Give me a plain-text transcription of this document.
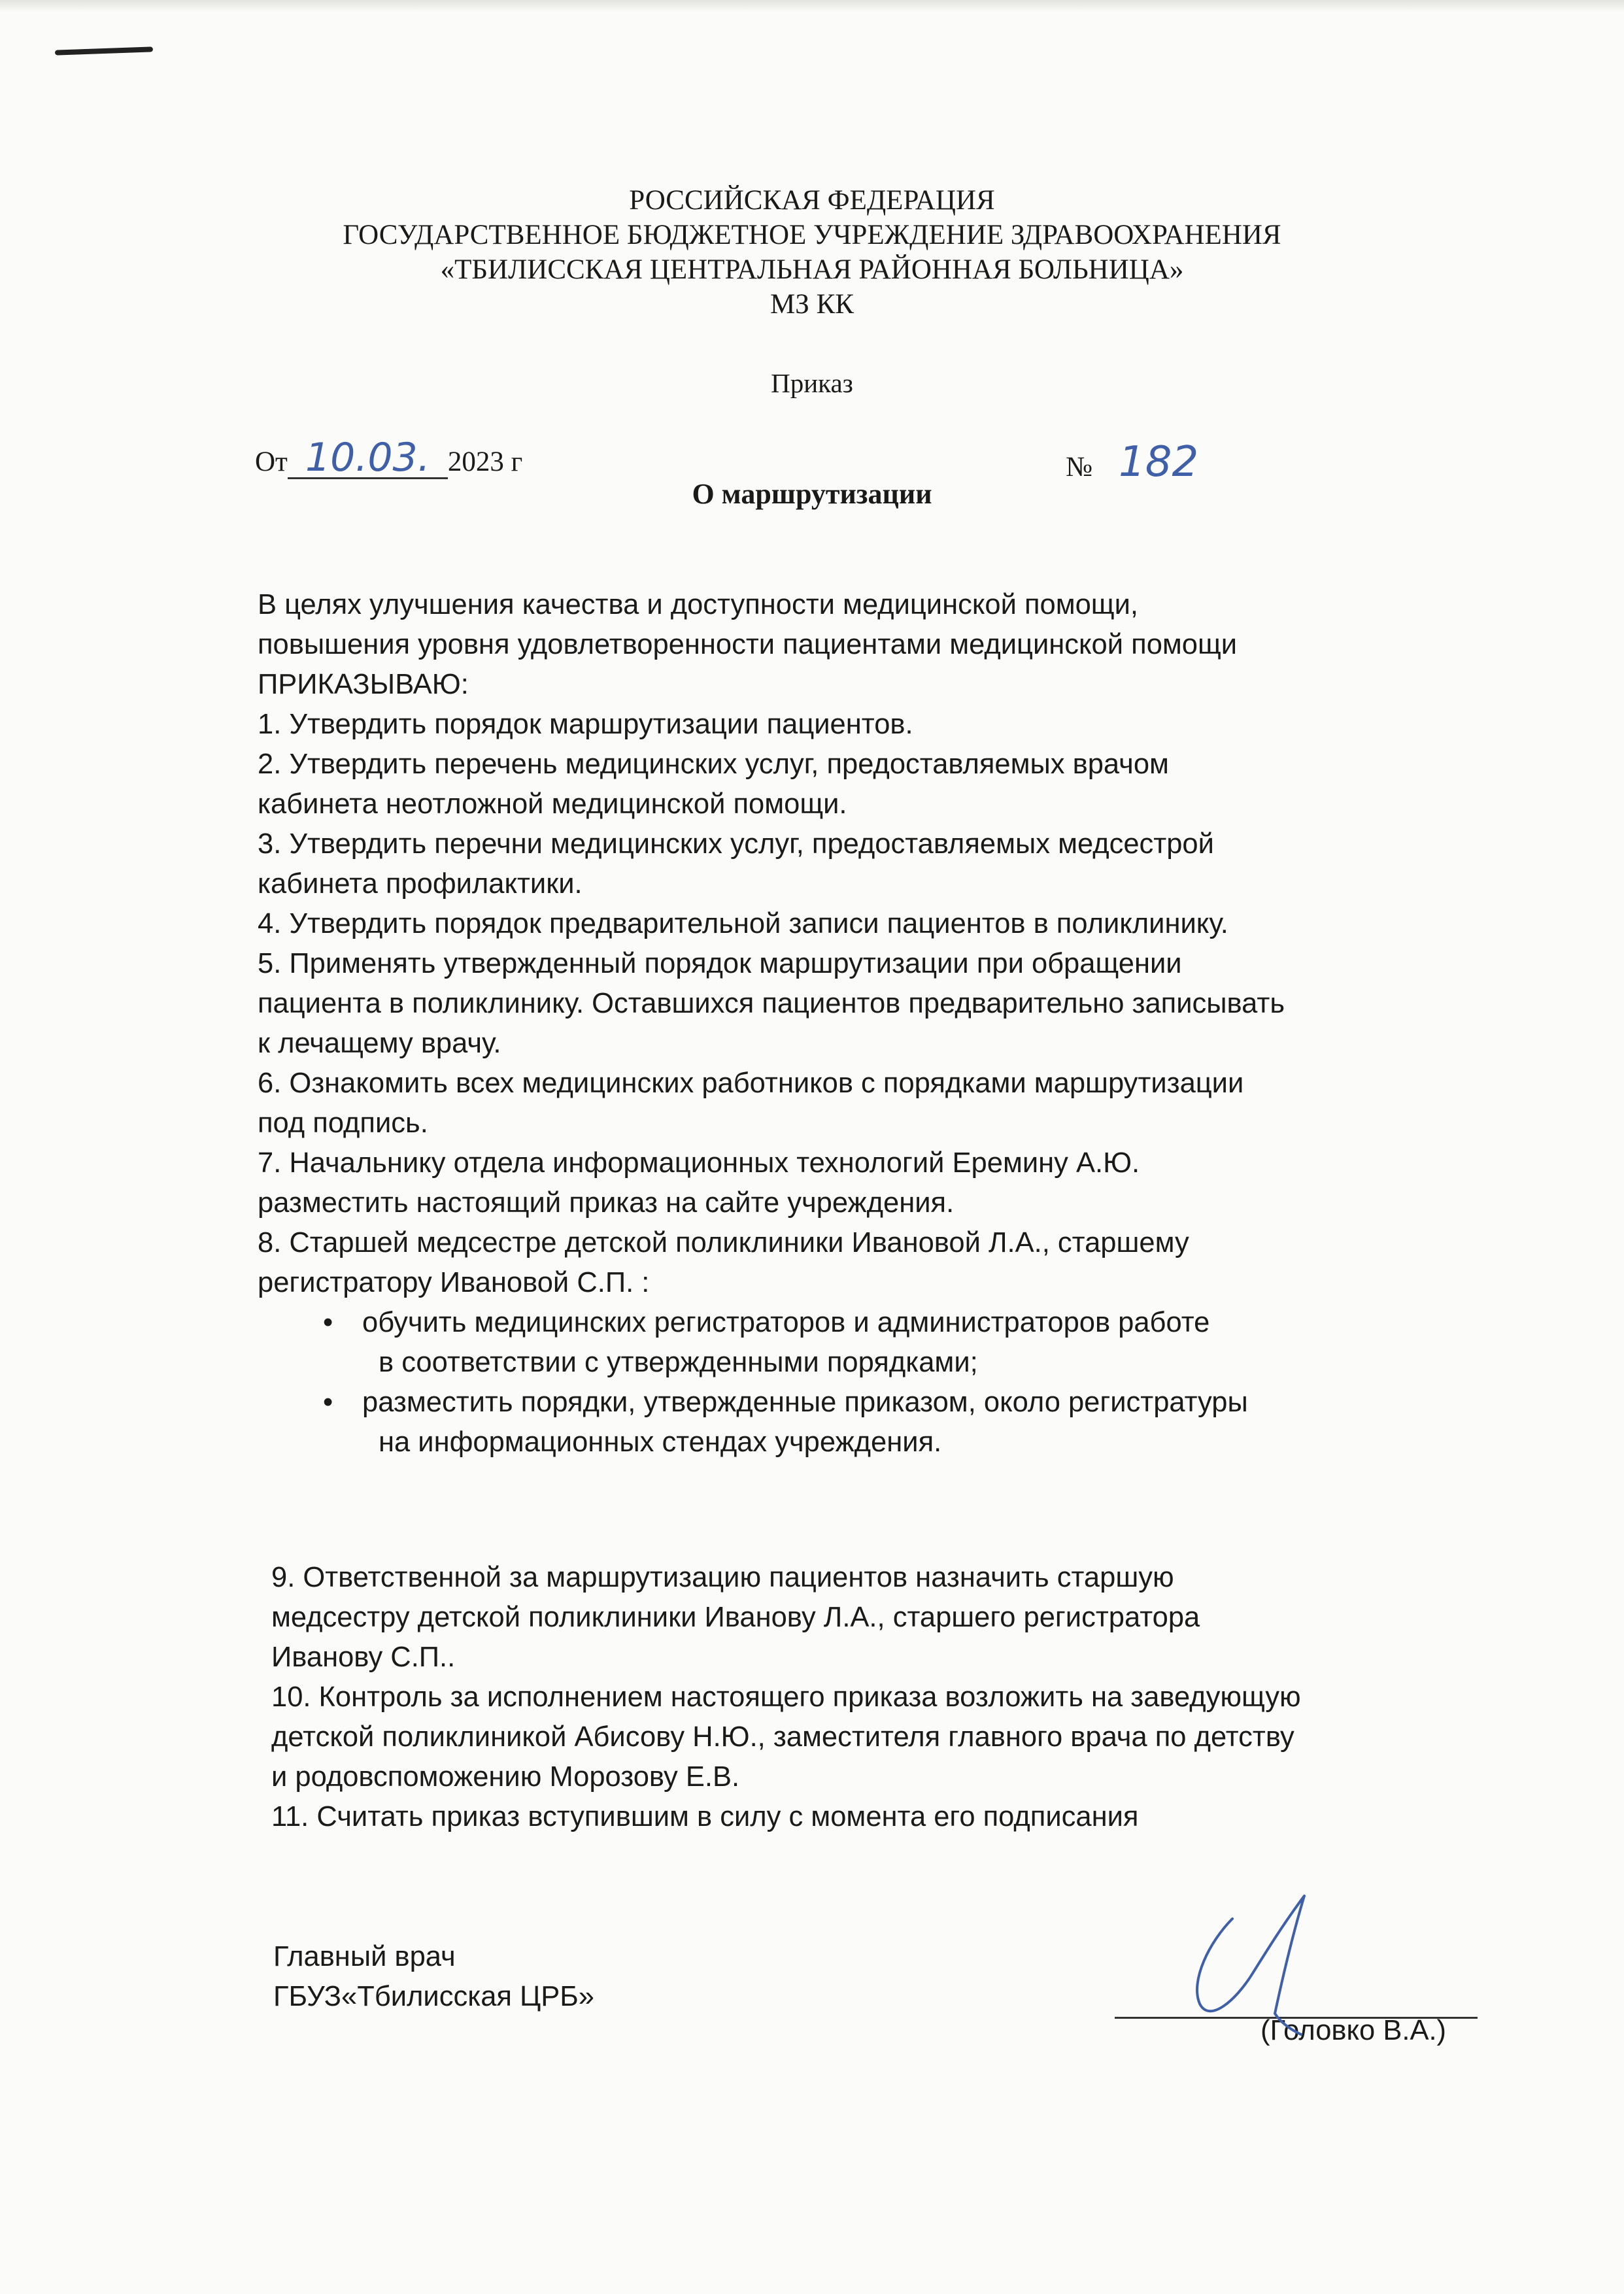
РОССИЙСКАЯ ФЕДЕРАЦИЯ
ГОСУДАРСТВЕННОЕ БЮДЖЕТНОЕ УЧРЕЖДЕНИЕ ЗДРАВООХРАНЕНИЯ
«ТБИЛИССКАЯ ЦЕНТРАЛЬНАЯ РАЙОННАЯ БОЛЬНИЦА»
МЗ КК
Приказ
От 10.03. 2023 г	№ 182
О маршрутизации

В целях улучшения качества и доступности медицинской помощи,

повышения уровня удовлетворенности пациентами медицинской помощи

ПРИКАЗЫВАЮ:

1. Утвердить порядок маршрутизации пациентов.

2. Утвердить перечень медицинских услуг, предоставляемых врачом

кабинета неотложной медицинской помощи.

3. Утвердить перечни медицинских услуг, предоставляемых медсестрой

кабинета профилактики.

4. Утвердить порядок предварительной записи пациентов в поликлинику.

5. Применять утвержденный порядок маршрутизации при обращении

пациента в поликлинику. Оставшихся пациентов предварительно записывать

к лечащему врачу.

6. Ознакомить всех медицинских работников с порядками маршрутизации

под подпись.

7. Начальнику отдела информационных технологий Еремину А.Ю.

разместить настоящий приказ на сайте учреждения.

8. Старшей медсестре детской поликлиники Ивановой Л.А., старшему

регистратору Ивановой С.П. :

• обучить медицинских регистраторов и администраторов работе
в соответствии с утвержденными порядками;
• разместить порядки, утвержденные приказом, около регистратуры
на информационных стендах учреждения.

9. Ответственной за маршрутизацию пациентов назначить старшую

медсестру детской поликлиники Иванову Л.А., старшего регистратора

Иванову С.П..

10. Контроль за исполнением настоящего приказа возложить на заведующую

детской поликлиникой Абисову Н.Ю., заместителя главного врача по детству

и родовспоможению Морозову Е.В.

11. Считать приказ вступившим в силу с момента его подписания

Главный врач
ГБУЗ«Тбилисская ЦРБ»
(Головко В.А.)
